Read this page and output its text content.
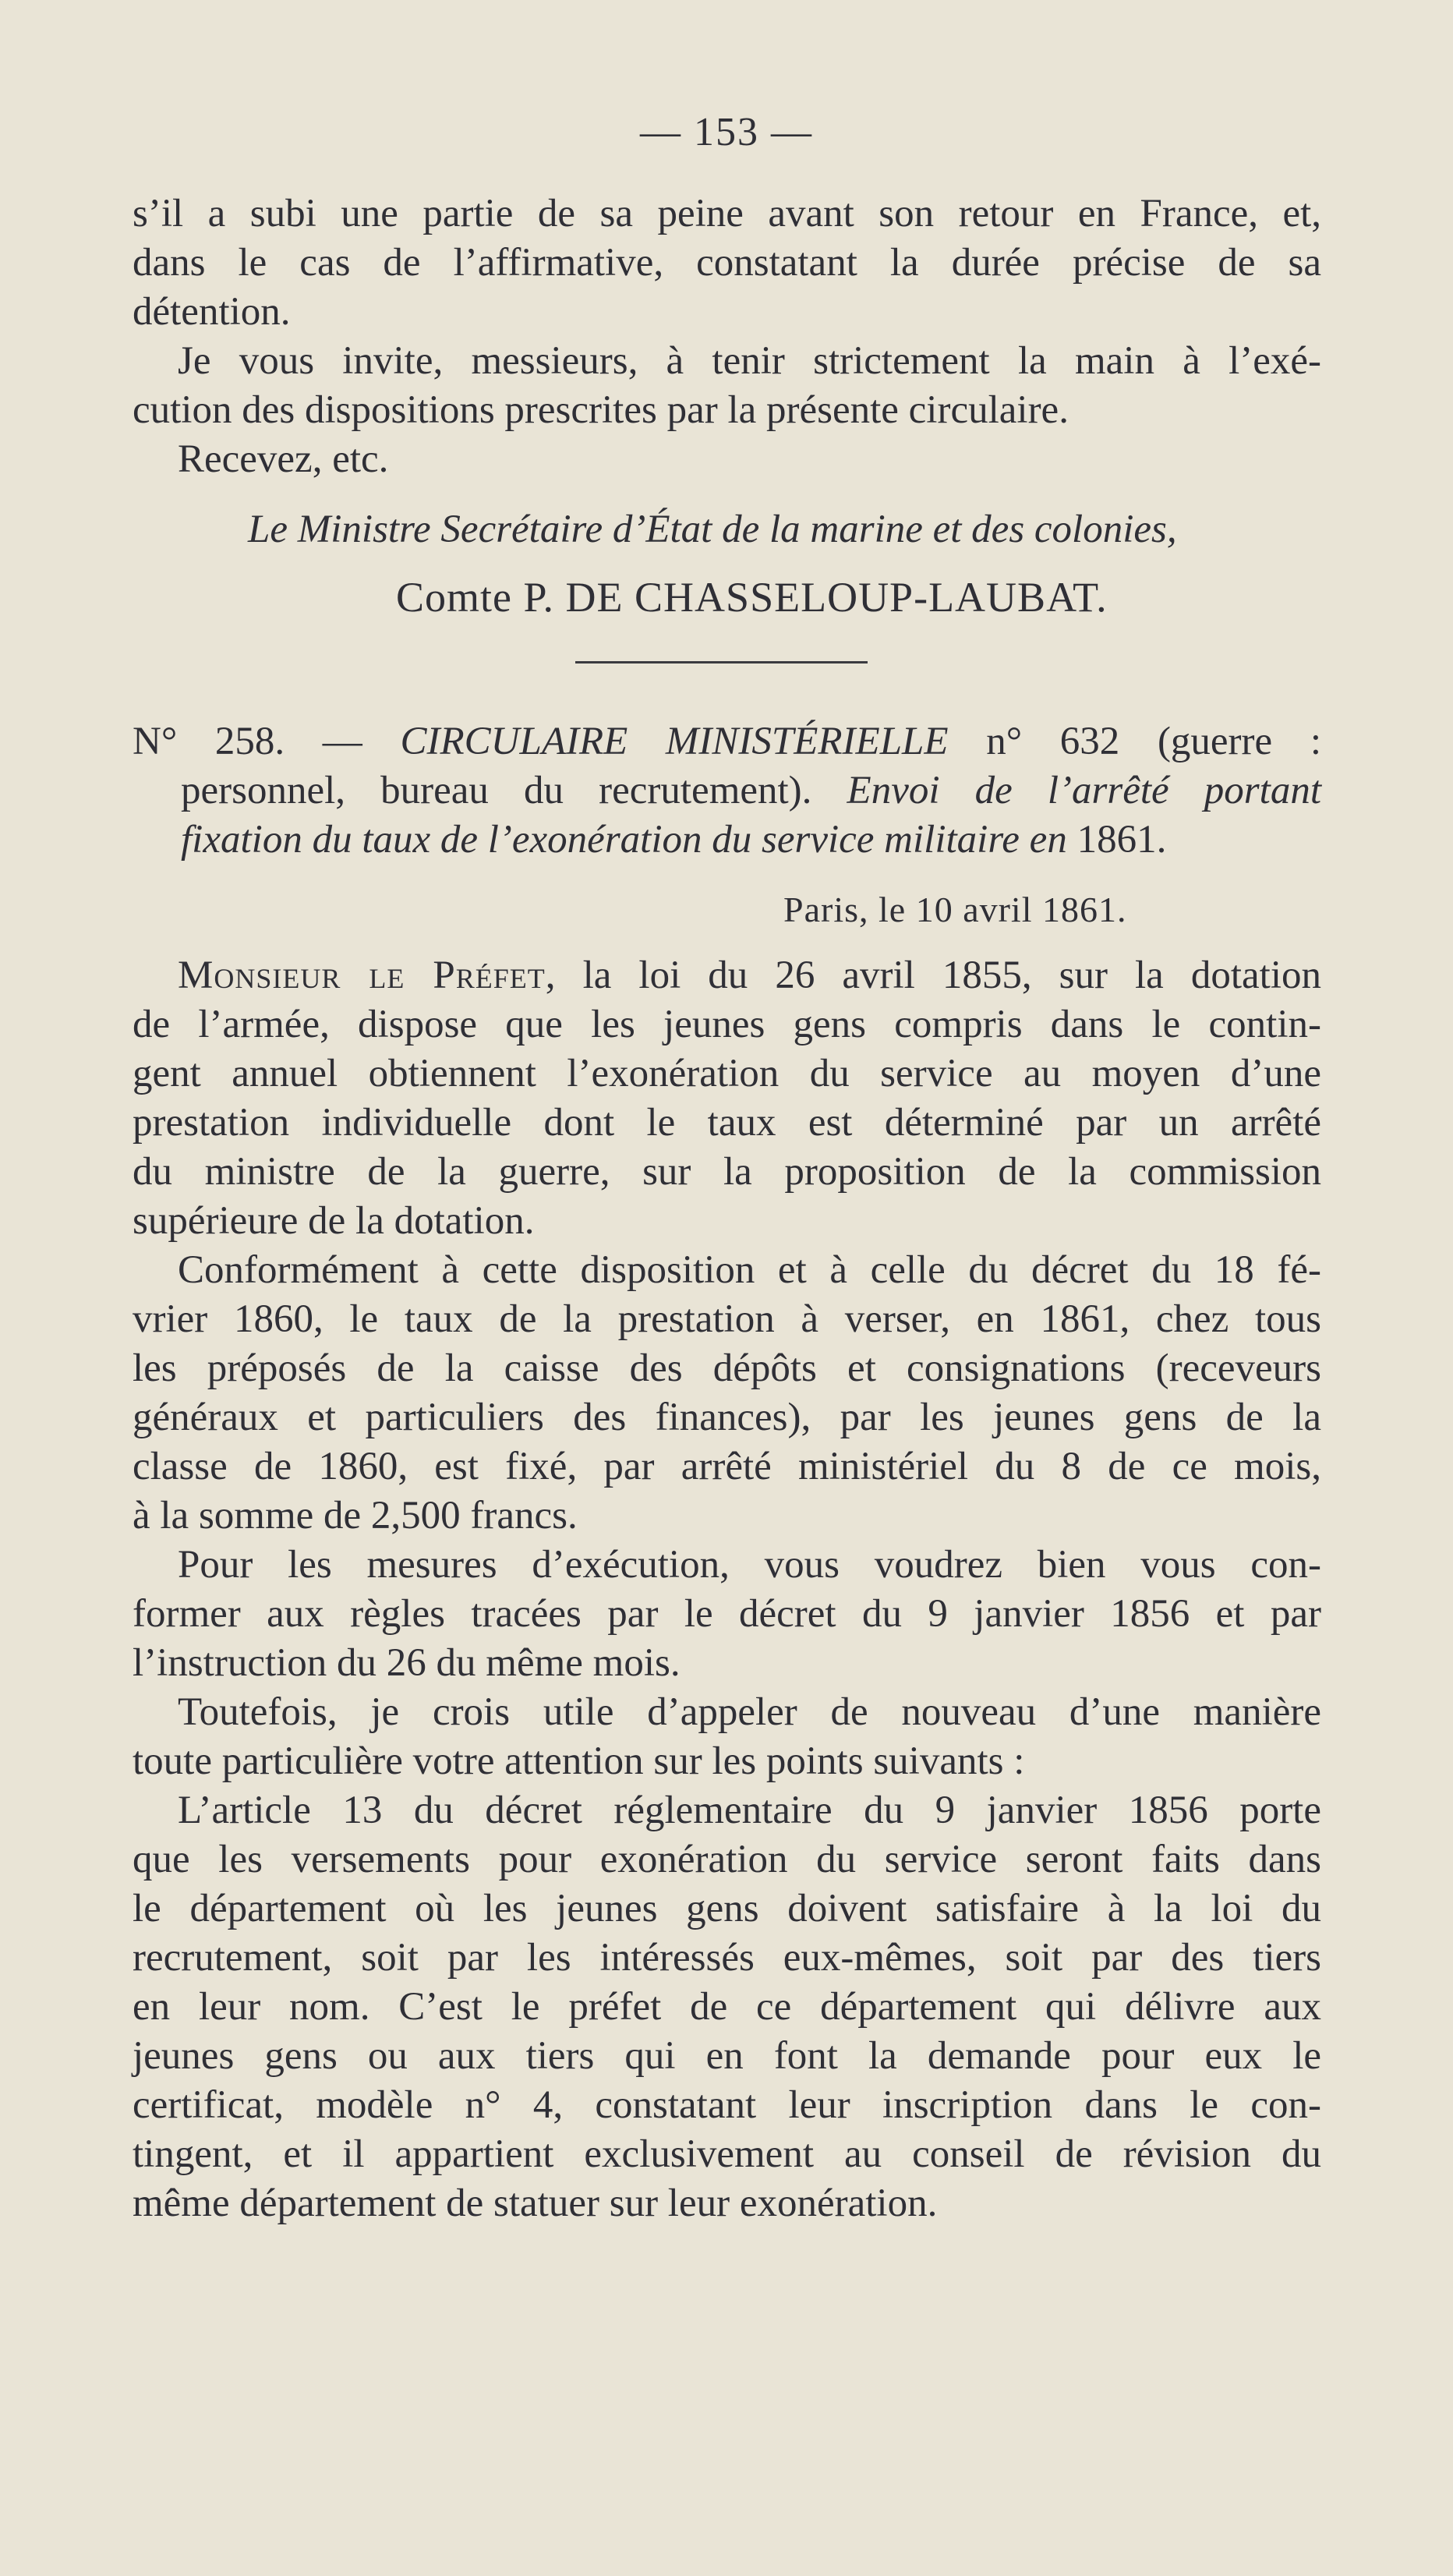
— 153 —
s’il a subi une partie de sa peine avant son retour en France, et,
dans le cas de l’affirmative, constatant la durée précise de sa
détention.
Je vous invite, messieurs, à tenir strictement la main à l’exé-
cution des dispositions prescrites par la présente circulaire.
Recevez, etc.
Le Ministre Secrétaire d’État de la marine et des colonies,
Comte P. DE CHASSELOUP-LAUBAT.
N° 258. — CIRCULAIRE MINISTÉRIELLE n° 632 (guerre :
personnel, bureau du recrutement). Envoi de l’arrêté portant
fixation du taux de l’exonération du service militaire en 1861.
Paris, le 10 avril 1861.
Monsieur le Préfet, la loi du 26 avril 1855, sur la dotation
de l’armée, dispose que les jeunes gens compris dans le contin-
gent annuel obtiennent l’exonération du service au moyen d’une
prestation individuelle dont le taux est déterminé par un arrêté
du ministre de la guerre, sur la proposition de la commission
supérieure de la dotation.
Conformément à cette disposition et à celle du décret du 18 fé-
vrier 1860, le taux de la prestation à verser, en 1861, chez tous
les préposés de la caisse des dépôts et consignations (receveurs
généraux et particuliers des finances), par les jeunes gens de la
classe de 1860, est fixé, par arrêté ministériel du 8 de ce mois,
à la somme de 2,500 francs.
Pour les mesures d’exécution, vous voudrez bien vous con-
former aux règles tracées par le décret du 9 janvier 1856 et par
l’instruction du 26 du même mois.
Toutefois, je crois utile d’appeler de nouveau d’une manière
toute particulière votre attention sur les points suivants :
L’article 13 du décret réglementaire du 9 janvier 1856 porte
que les versements pour exonération du service seront faits dans
le département où les jeunes gens doivent satisfaire à la loi du
recrutement, soit par les intéressés eux-mêmes, soit par des tiers
en leur nom. C’est le préfet de ce département qui délivre aux
jeunes gens ou aux tiers qui en font la demande pour eux le
certificat, modèle n° 4, constatant leur inscription dans le con-
tingent, et il appartient exclusivement au conseil de révision du
même département de statuer sur leur exonération.
